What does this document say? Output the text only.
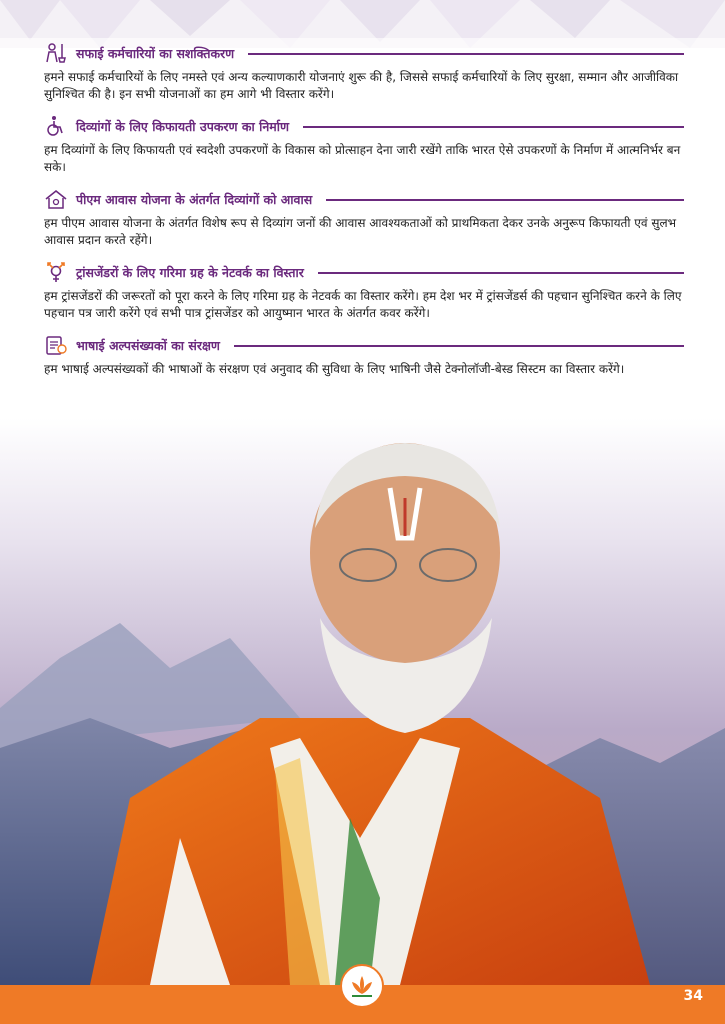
सफाई कर्मचारियों का सशक्तिकरण
हमने सफाई कर्मचारियों के लिए नमस्ते एवं अन्य कल्याणकारी योजनाएं शुरू की है, जिससे सफाई कर्मचारियों के लिए सुरक्षा, सम्मान और आजीविका सुनिश्चित की है। इन सभी योजनाओं का हम आगे भी विस्तार करेंगे।
दिव्यांगों के लिए किफायती उपकरण का निर्माण
हम दिव्यांगों के लिए किफायती एवं स्वदेशी उपकरणों के विकास को प्रोत्साहन देना जारी रखेंगे ताकि भारत ऐसे उपकरणों के निर्माण में आत्मनिर्भर बन सके।
पीएम आवास योजना के अंतर्गत दिव्यांगों को आवास
हम पीएम आवास योजना के अंतर्गत विशेष रूप से दिव्यांग जनों की आवास आवश्यकताओं को प्राथमिकता देकर उनके अनुरूप किफायती एवं सुलभ आवास प्रदान करते रहेंगे।
ट्रांसजेंडरों के लिए गरिमा ग्रह के नेटवर्क का विस्तार
हम ट्रांसजेंडरों की जरूरतों को पूरा करने के लिए गरिमा ग्रह के नेटवर्क का विस्तार करेंगे। हम देश भर में ट्रांसजेंडर्स की पहचान सुनिश्चित करने के लिए पहचान पत्र जारी करेंगे एवं सभी पात्र ट्रांसजेंडर को आयुष्मान भारत के अंतर्गत कवर करेंगे।
भाषाई अल्पसंख्यकों का संरक्षण
हम भाषाई अल्पसंख्यकों की भाषाओं के संरक्षण एवं अनुवाद की सुविधा के लिए भाषिनी जैसे टेक्नोलॉजी-बेस्ड सिस्टम का विस्तार करेंगे।
34
